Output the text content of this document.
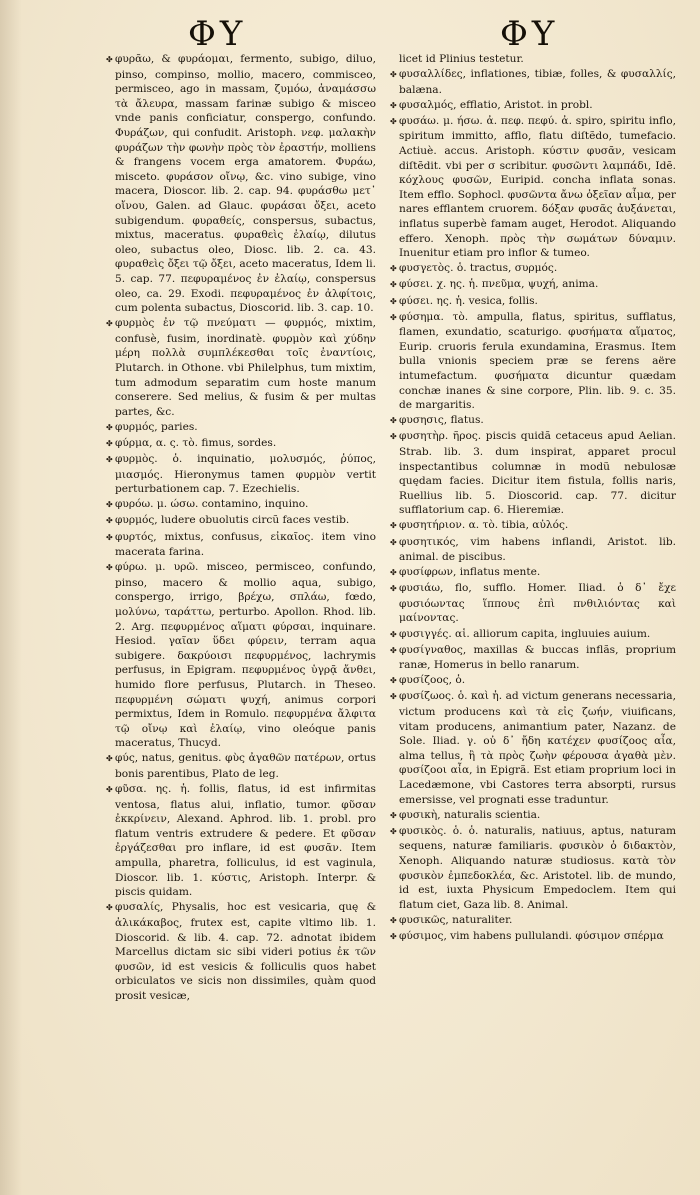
ΦΥ	ΦΥ

✤ φυρᾶω, & φυράομαι, fermento, subigo, diluo, pinso, compinso, mollio, macero, commisceo, permisceo, ago in massam, ζυμόω, ἀναμάσσω τὰ ἄλευρα, massam farinæ subigo & misceo vnde panis conficiatur, conspergo, confundo. Φυράζων, qui confudit. Aristoph. νεφ. μαλακὴν φυράζων τὴν φωνὴν πρὸς τὸν ἐραστήν, molliens & frangens vocem erga amatorem. Φυράω, misceto. φυράσον οἴνῳ, &c. vino subige, vino macera, Dioscor. lib. 2. cap. 94. φυράσθω μετ᾽ οἴνου, Galen. ad Glauc. φυράσαι ὄξει, aceto subigendum. φυραθείς, conspersus, subactus, mixtus, maceratus. φυραθεὶς ἐλαίῳ, dilutus oleo, subactus oleo, Diosc. lib. 2. ca. 43. φυραθεὶς ὄξει τῷ ὄξει, aceto maceratus, Idem li. 5. cap. 77. πεφυραμένος ἐν ἐλαίῳ, conspersus oleo, ca. 29. Exodi. πεφυραμένος ἐν ἀλφίτοις, cum polenta subactus, Dioscorid. lib. 3. cap. 10.

✤ φυρμὸς ἐν τῷ πνεύματι — φυρμός, mixtim, confusè, fusim, inordinatè. φυρμὸν καὶ χύδην μέρη πολλὰ συμπλέκεσθαι τοῖς ἐναντίοις, Plutarch. in Othone. vbi Philelphus, tum mixtim, tum admodum separatim cum hoste manum conserere. Sed melius, & fusim & per multas partes, &c.

✤ φυρμός, paries.

✤ φύρμα, α. ς. τὸ. fimus, sordes.

✤ φυρμὸς. ὁ. inquinatio, μολυσμός, ῥύπος, μιασμός. Hieronymus tamen φυρμὸν vertit perturbationem cap. 7. Ezechielis.

✤ φυρόω. μ. ώσω. contamino, inquino.

✤ φυρμός, ludere obuolutis circũ faces vestib.

✤ φυρτός, mixtus, confusus, εἰκαῖος. item vino macerata farina.

✤ φύρω. μ. υρῶ. misceo, permisceo, confundo, pinso, macero & mollio aqua, subigo, conspergo, irrigo, βρέχω, σπλάω, fœdo, μολύνω, ταράττω, perturbo. Apollon. Rhod. lib. 2. Arg. πεφυρμένος αἵματι φύρσαι, inquinare. Hesiod. γαῖαν ὕδει φύρειν, terram aqua subigere. δακρύοισι πεφυρμένος, lachrymis perfusus, in Epigram. πεφυρμένος ὑγρᾷ ἄνθει, humido flore perfusus, Plutarch. in Theseo. πεφυρμένη σώματι ψυχή, animus corpori permixtus, Idem in Romulo. πεφυρμένα ἄλφιτα τῷ οἴνῳ καὶ ἐλαίῳ, vino oleóque panis maceratus, Thucyd.

✤ φύς, natus, genitus. φὺς ἀγαθῶν πατέρων, ortus bonis parentibus, Plato de leg.

✤ φῦσα. ης. ἡ. follis, flatus, id est infirmitas ventosa, flatus alui, inflatio, tumor. φῦσαν ἐκκρίνειν, Alexand. Aphrod. lib. 1. probl. pro flatum ventris extrudere & pedere. Et φῦσαν ἐργάζεσθαι pro inflare, id est φυσᾶν. Item ampulla, pharetra, folliculus, id est vaginula, Dioscor. lib. 1. κύστις, Aristoph. Interpr. & piscis quidam.

✤ φυσαλίς, Physalis, hoc est vesicaria, quę & ἀλικάκαβος, frutex est, capite vltimo lib. 1. Dioscorid. & lib. 4. cap. 72. adnotat ibidem Marcellus dictam sic sibi videri potius ἐκ τῶν φυσῶν, id est vesicis & folliculis quos habet orbiculatos ve sicis non dissimiles, quàm quod prosit vesicæ,

licet id Plinius testetur.

✤ φυσαλλίδες, inflationes, tibiæ, folles, & φυσαλλίς, balæna.

✤ φυσαλμός, efflatio, Aristot. in probl.

✤ φυσάω. μ. ήσω. ἀ. πεφ. πεφύ. ἀ. spiro, spiritu inflo, spiritum immitto, afflo, flatu diſtẽdo, tumefacio. Actiuè. accus. Aristoph. κύστιν φυσᾶν, vesicam diſtẽdit. vbi per σ scribitur. φυσῶντι λαμπάδι, Idẽ. κόχλους φυσῶν, Euripid. concha inflata sonas. Item efflo. Sophocl. φυσῶντα ἄνω ὀξεῖαν αἷμα, per nares efflantem cruorem. δόξαν φυσᾶς ἀυξάνεται, inflatus superbè famam auget, Herodot. Aliquando effero. Xenoph. πρὸς τὴν σωμάτων δύναμιν. Inuenitur etiam pro inflor & tumeo.

✤ φυσγετὸς. ὁ. tractus, συρμός.

✤ φύσει. χ. ης. ἡ. πνεῦμα, ψυχή, anima.

✤ φύσει. ης. ἡ. vesica, follis.

✤ φύσημα. τὸ. ampulla, flatus, spiritus, sufflatus, flamen, exundatio, scaturigo. φυσήματα αἵματος, Eurip. cruoris ferula exundamina, Erasmus. Item bulla vnionis speciem præ se ferens aëre intumefactum. φυσήματα dicuntur quædam conchæ inanes & sine corpore, Plin. lib. 9. c. 35. de margaritis.

✤ φυσησις, flatus.

✤ φυσητὴρ. ῆρος. piscis quidã cetaceus apud Aelian. Strab. lib. 3. dum inspirat, apparet procul inspectantibus columnæ in modũ nebulosæ quędam facies. Dicitur item fistula, follis naris, Ruellius lib. 5. Dioscorid. cap. 77. dicitur sufflatorium cap. 6. Hieremiæ.

✤ φυσητήριον. α. τὸ. tibia, αὐλός.

✤ φυσητικός, vim habens inflandi, Aristot. lib. animal. de piscibus.

✤ φυσίφρων, inflatus mente.

✤ φυσιάω, flo, sufflo. Homer. Iliad. ὁ δ᾽ ἔχε φυσιόωντας ἵππους ἐπὶ πνθιλιόντας καὶ μαίνοντας.

✤ φυσιγγές. αἱ. alliorum capita, ingluuies auium.

✤ φυσίγναθος, maxillas & buccas inflãs, proprium ranæ, Homerus in bello ranarum.

✤ φυσίζοος, ὁ.

✤ φυσίζωος. ὁ. καὶ ἡ. ad victum generans necessaria, victum producens καὶ τὰ εἰς ζωήν, viuificans, vitam producens, animantium pater, Nazanz. de Sole. Iliad. γ. οὐ δ᾽ ἤδη κατέχεν φυσίζοος αἶα, alma tellus, ἢ τὰ πρὸς ζωὴν φέρουσα ἀγαθὰ μὲν. φυσίζοοι αἶα, in Epigrã. Est etiam proprium loci in Lacedæmone, vbi Castores terra absorpti, rursus emersisse, vel prognati esse traduntur.

✤ φυσικὴ, naturalis scientia.

✤ φυσικὸς. ὁ. ὁ. naturalis, natiuus, aptus, naturam sequens, naturæ familiaris. φυσικὸν ὁ διδακτὸν, Xenoph. Aliquando naturæ studiosus. κατὰ τὸν φυσικὸν ἐμπεδοκλέα, &c. Aristotel. lib. de mundo, id est, iuxta Physicum Empedoclem. Item qui flatum ciet, Gaza lib. 8. Animal.

✤ φυσικῶς, naturaliter.

✤ φύσιμος, vim habens pullulandi. φύσιμον σπέρμα
